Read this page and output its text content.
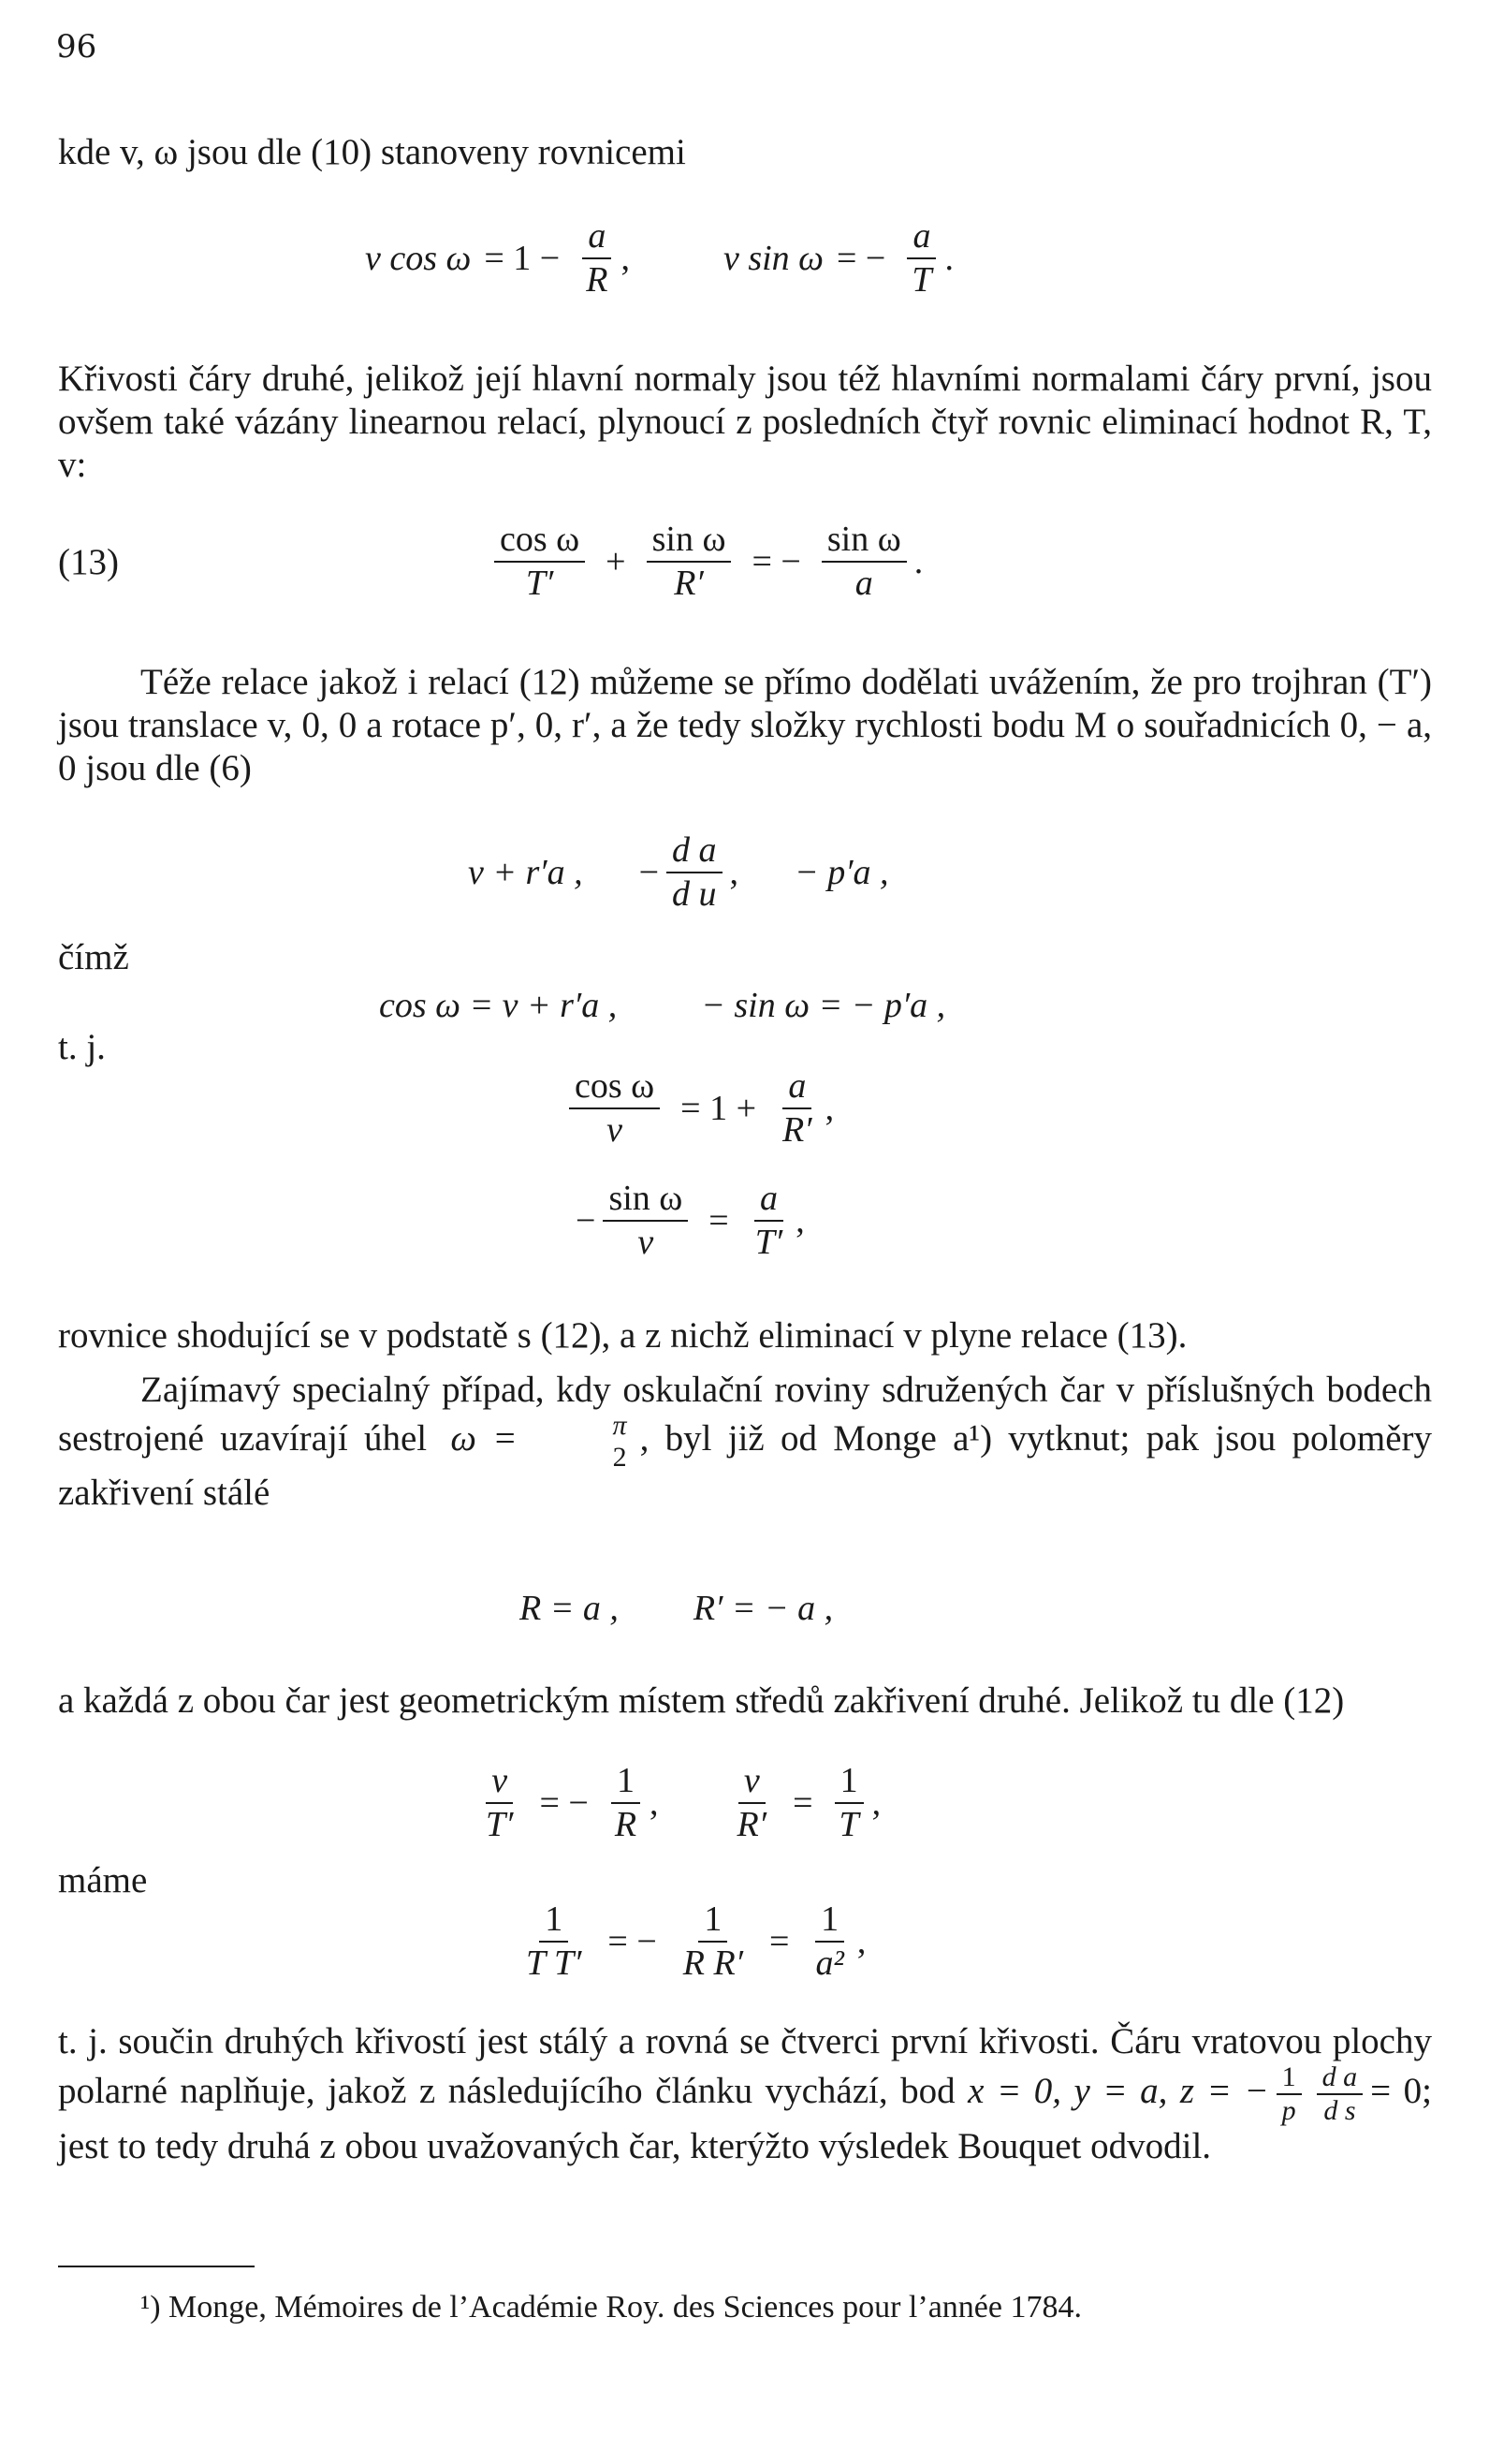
96
kde v, ω jsou dle (10) stanoveny rovnicemi
v $\cos \omega = 1 - \frac{a}{R}$ ,	v sin ω = − $\frac{a}{T}$ .
Křivosti čáry druhé, jelikož její hlavní normaly jsou též hlavními normalami čáry první, jsou ovšem také vázány linearnou relací, plynoucí z posledních čtyř rovnic eliminací hodnot R, T, v:
(13)	$\frac{\text{cos ω}}{T'} + \frac{\text{sin ω}}{R'}$ = − $\frac{\text{sin ω}}{a}$ .
Téže relace jakož i relací (12) můžeme se přímo dodělati uvážením, že pro trojhran (T′) jsou translace v, 0, 0 a rotace p′, 0, r′, a že tedy složky rychlosti bodu M o souřadnicích 0, − a, 0 jsou dle (6)
v + r′a , − $\frac{\text{d a}}{\text{d u}}$ , − p′a ,
čímž
cos ω = v + r′a , − sin ω = − p′a ,
t. j.
$\frac{\text{cos ω}}{v} = 1 + \frac{a}{R'}$ ,
− $\frac{\text{sin ω}}{v} = \frac{a}{T'}$ ,
rovnice shodující se v podstatě s (12), a z nichž eliminací v plyne relace (13).
Zajímavý specialný případ, kdy oskulační roviny sdružených čar v příslušných bodech sestrojené uzavírají úhel ω =	π
2 , byl již od Monge a¹) vytknut; pak jsou poloměry zakřivení stálé
R = a , R′ = − a ,
a každá z obou čar jest geometrickým místem středů zakřivení druhé. Jelikož tu dle (12)
$\frac{v}{T'}$ = − $\frac{1}{R}$ , $\frac{v}{R'} = \frac{1}{T}$ ,
máme
$\frac{1}{\text{T T′}}$ = − $\frac{1}{\text{R R′}} = \frac{1}{\text{a²}}$ ,
t. j. součin druhých křivostí jest stálý a rovná se čtverci první křivosti. Čáru vratovou plochy polarné naplňuje, jakož z následujícího článku vychází, bod x = 0, y = a, z = − $\frac{1}{p} \frac{\text{d a}}{\text{d s}} = 0$; jest to tedy druhá z obou uvažovaných čar, kterýžto výsledek Bouquet odvodil.
¹) Monge, Mémoires de l’Académie Roy. des Sciences pour l’année 1784.
